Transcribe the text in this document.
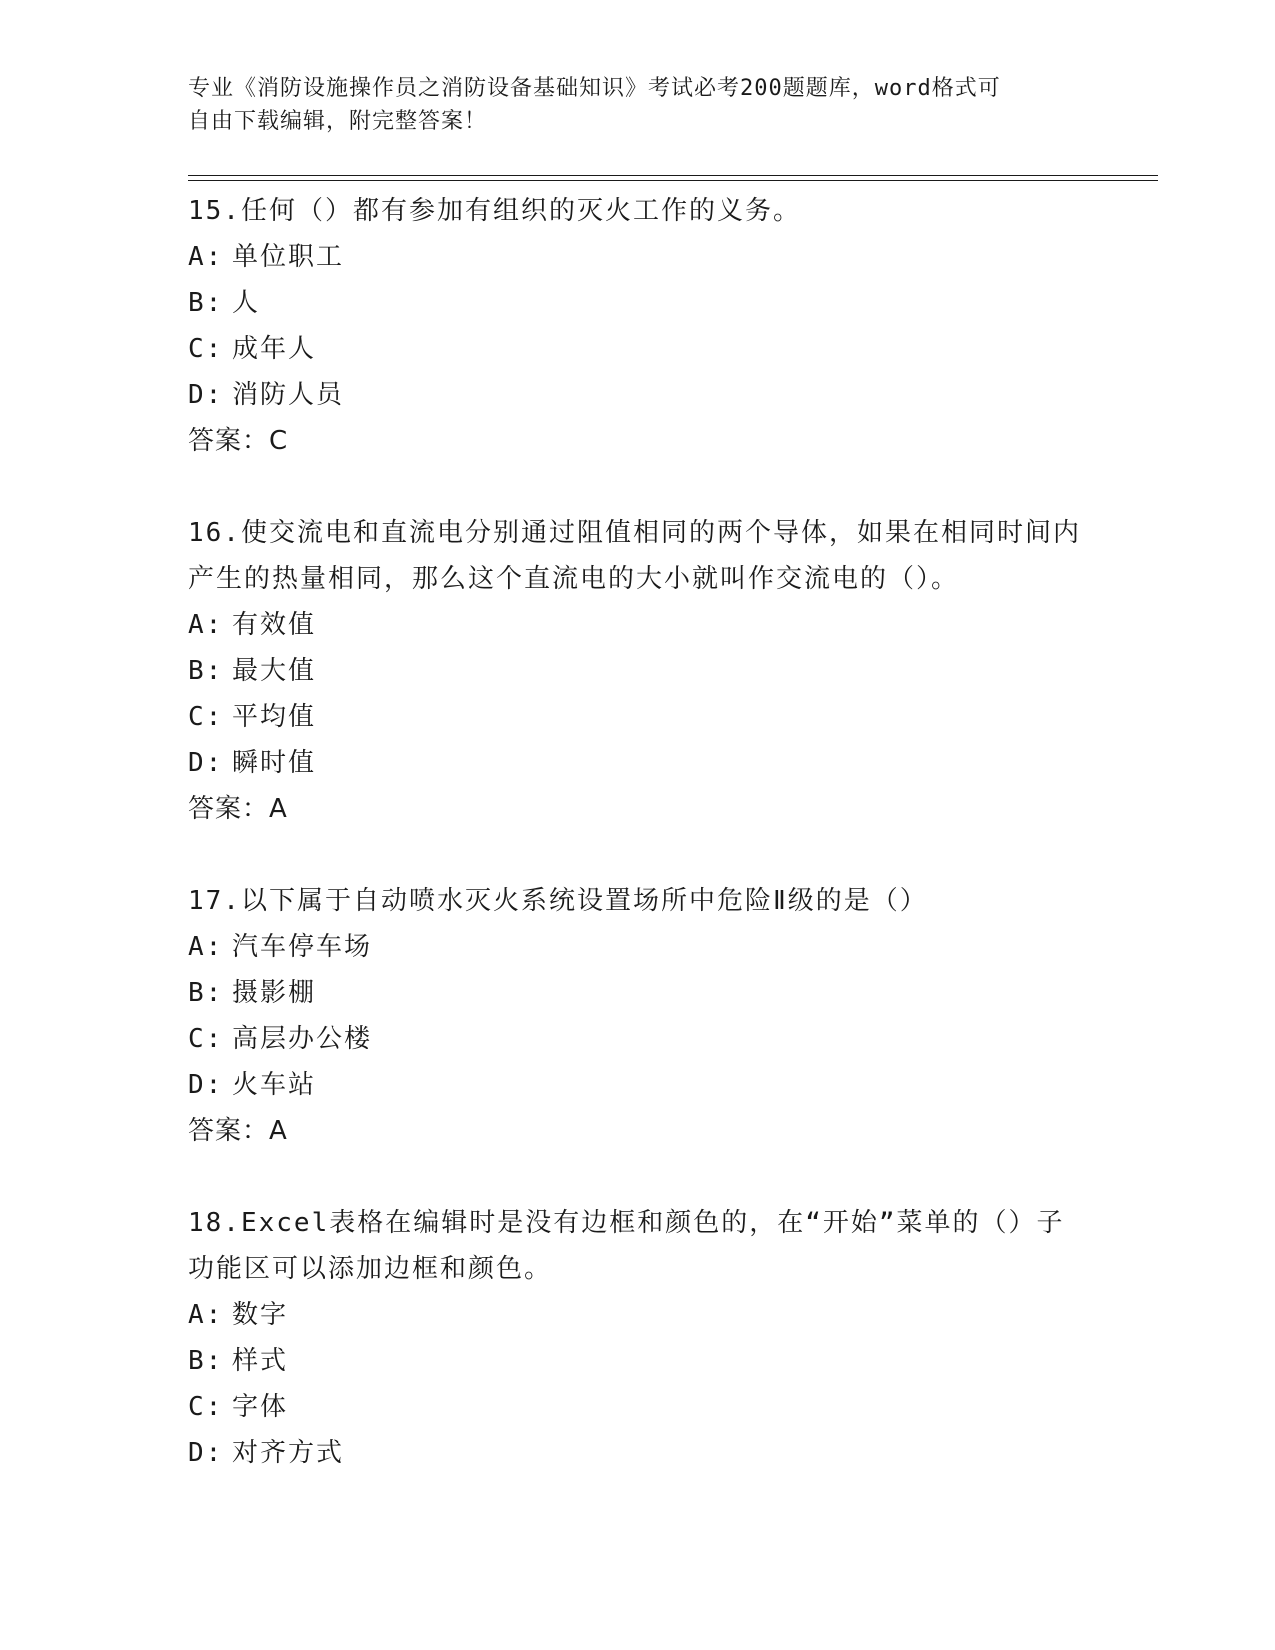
专业《消防设施操作员之消防设备基础知识》考试必考200题题库，word格式可
自由下载编辑，附完整答案！

15.任何（）都有参加有组织的灭火工作的义务。

A: 单位职工

B: 人

C: 成年人

D: 消防人员

答案：C

16.使交流电和直流电分别通过阻值相同的两个导体，如果在相同时间内产生的热量相同，那么这个直流电的大小就叫作交流电的（）。

A: 有效值

B: 最大值

C: 平均值

D: 瞬时值

答案：A

17.以下属于自动喷水灭火系统设置场所中危险Ⅱ级的是（）

A: 汽车停车场

B: 摄影棚

C: 高层办公楼

D: 火车站

答案：A

18.Excel表格在编辑时是没有边框和颜色的，在“开始”菜单的（）子功能区可以添加边框和颜色。

A: 数字

B: 样式

C: 字体

D: 对齐方式
